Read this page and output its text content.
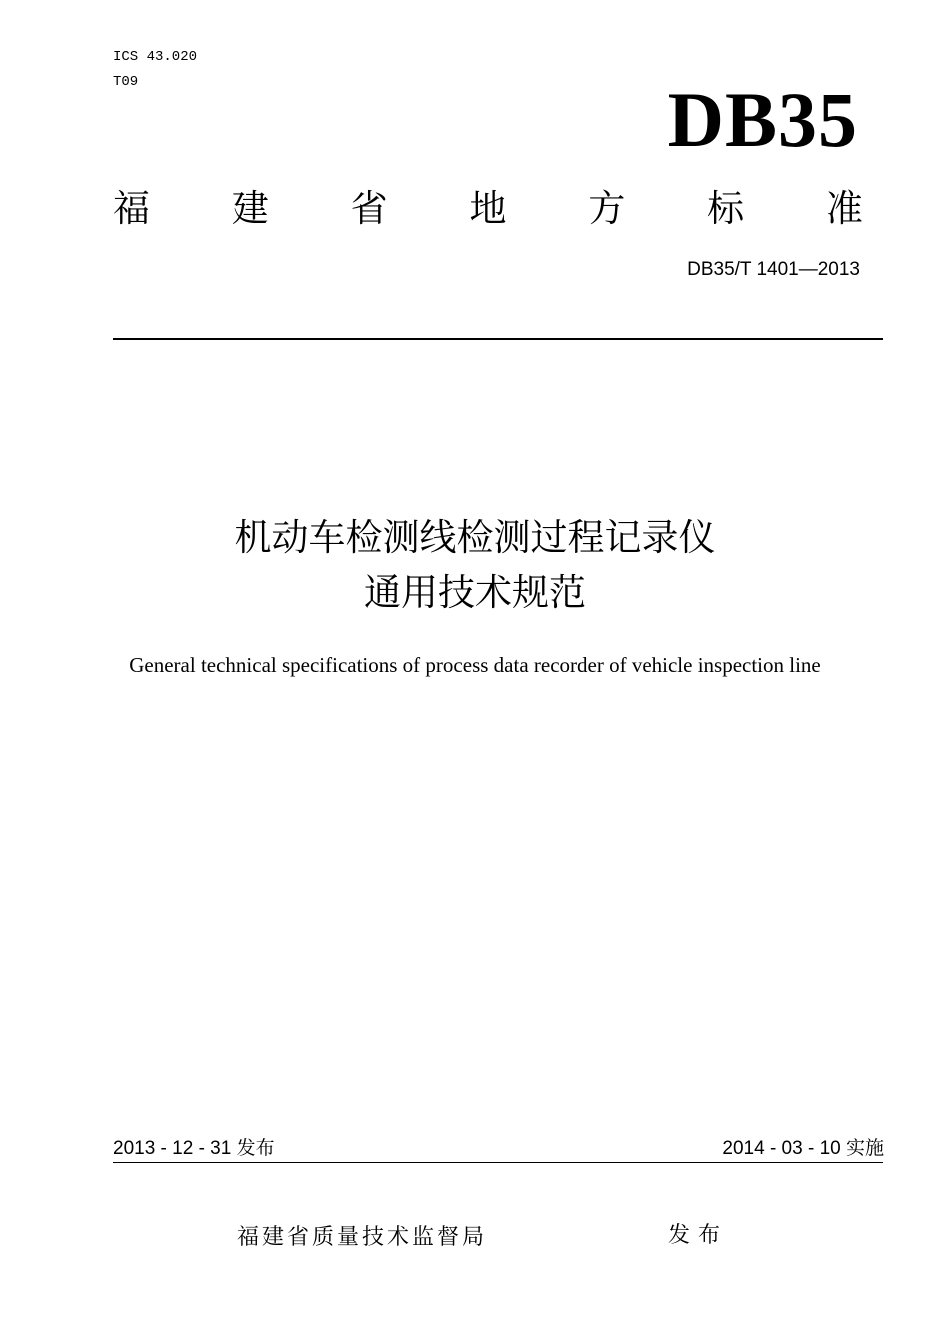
ICS 43.020
T09	DB35
福 建 省 地 方 标 准
DB35/T 1401—2013
机动车检测线检测过程记录仪
通用技术规范
General technical specifications of process data recorder of vehicle inspection line
2013 - 12 - 31 发布	2014 - 03 - 10 实施
福建省质量技术监督局	发布
